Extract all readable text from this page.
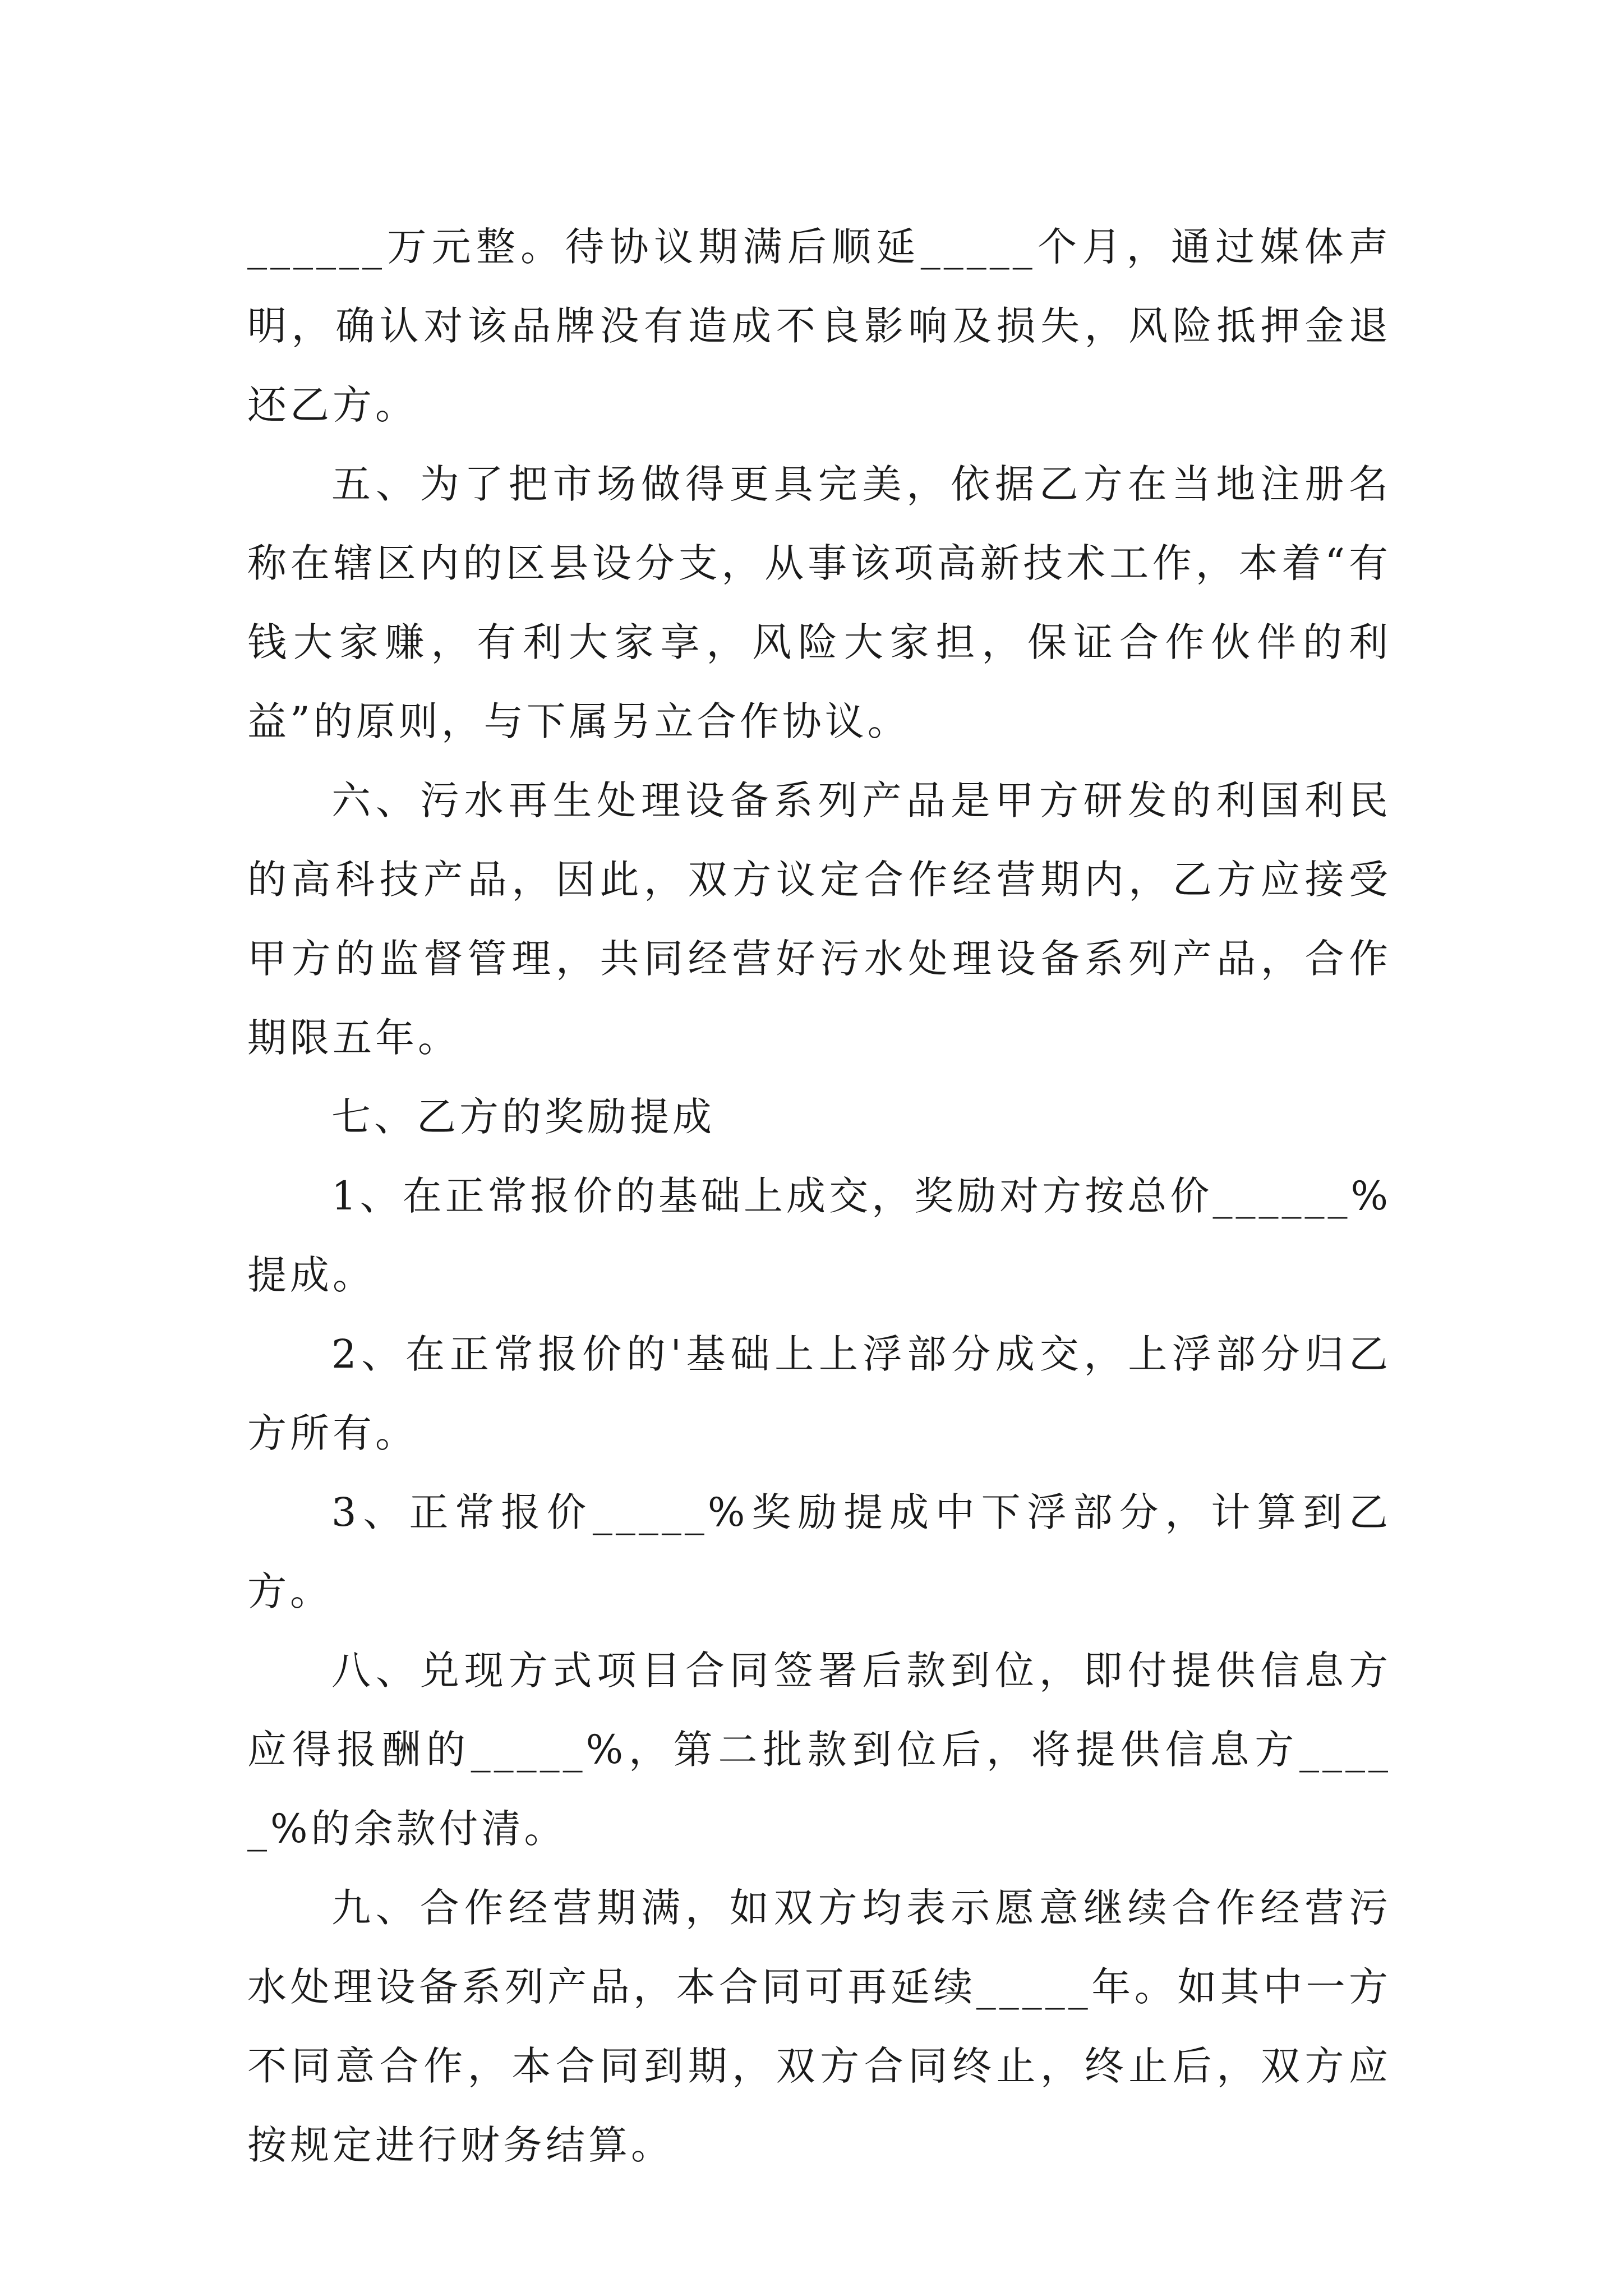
______万元整。待协议期满后顺延_____个月，通过媒体声明，确认对该品牌没有造成不良影响及损失，风险抵押金退还乙方。

五、为了把市场做得更具完美，依据乙方在当地注册名称在辖区内的区县设分支，从事该项高新技术工作，本着“有钱大家赚，有利大家享，风险大家担，保证合作伙伴的利益”的原则，与下属另立合作协议。

六、污水再生处理设备系列产品是甲方研发的利国利民的高科技产品，因此，双方议定合作经营期内，乙方应接受甲方的监督管理，共同经营好污水处理设备系列产品，合作期限五年。

七、乙方的奖励提成

1、在正常报价的基础上成交，奖励对方按总价______%提成。

2、在正常报价的'基础上上浮部分成交，上浮部分归乙方所有。

3、正常报价_____%奖励提成中下浮部分，计算到乙方。

八、兑现方式项目合同签署后款到位，即付提供信息方应得报酬的_____%，第二批款到位后，将提供信息方_____%的余款付清。

九、合作经营期满，如双方均表示愿意继续合作经营污水处理设备系列产品，本合同可再延续_____年。如其中一方不同意合作，本合同到期，双方合同终止，终止后，双方应按规定进行财务结算。
